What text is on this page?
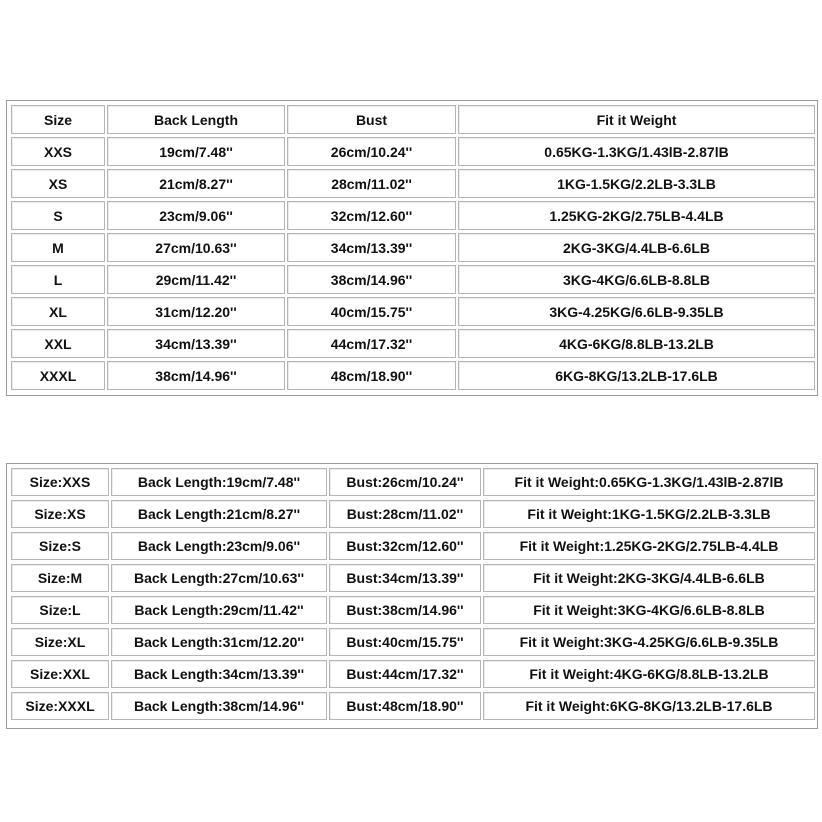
Size	Back Length	Bust	Fit it Weight
XXS	19cm/7.48''	26cm/10.24''	0.65KG-1.3KG/1.43lB-2.87lB
XS	21cm/8.27''	28cm/11.02''	1KG-1.5KG/2.2LB-3.3LB
S	23cm/9.06''	32cm/12.60''	1.25KG-2KG/2.75LB-4.4LB
M	27cm/10.63''	34cm/13.39''	2KG-3KG/4.4LB-6.6LB
L	29cm/11.42''	38cm/14.96''	3KG-4KG/6.6LB-8.8LB
XL	31cm/12.20''	40cm/15.75''	3KG-4.25KG/6.6LB-9.35LB
XXL	34cm/13.39''	44cm/17.32''	4KG-6KG/8.8LB-13.2LB
XXXL	38cm/14.96''	48cm/18.90''	6KG-8KG/13.2LB-17.6LB
Size:XXS	Back Length:19cm/7.48''	Bust:26cm/10.24''	Fit it Weight:0.65KG-1.3KG/1.43lB-2.87lB
Size:XS	Back Length:21cm/8.27''	Bust:28cm/11.02''	Fit it Weight:1KG-1.5KG/2.2LB-3.3LB
Size:S	Back Length:23cm/9.06''	Bust:32cm/12.60''	Fit it Weight:1.25KG-2KG/2.75LB-4.4LB
Size:M	Back Length:27cm/10.63''	Bust:34cm/13.39''	Fit it Weight:2KG-3KG/4.4LB-6.6LB
Size:L	Back Length:29cm/11.42''	Bust:38cm/14.96''	Fit it Weight:3KG-4KG/6.6LB-8.8LB
Size:XL	Back Length:31cm/12.20''	Bust:40cm/15.75''	Fit it Weight:3KG-4.25KG/6.6LB-9.35LB
Size:XXL	Back Length:34cm/13.39''	Bust:44cm/17.32''	Fit it Weight:4KG-6KG/8.8LB-13.2LB
Size:XXXL	Back Length:38cm/14.96''	Bust:48cm/18.90''	Fit it Weight:6KG-8KG/13.2LB-17.6LB
